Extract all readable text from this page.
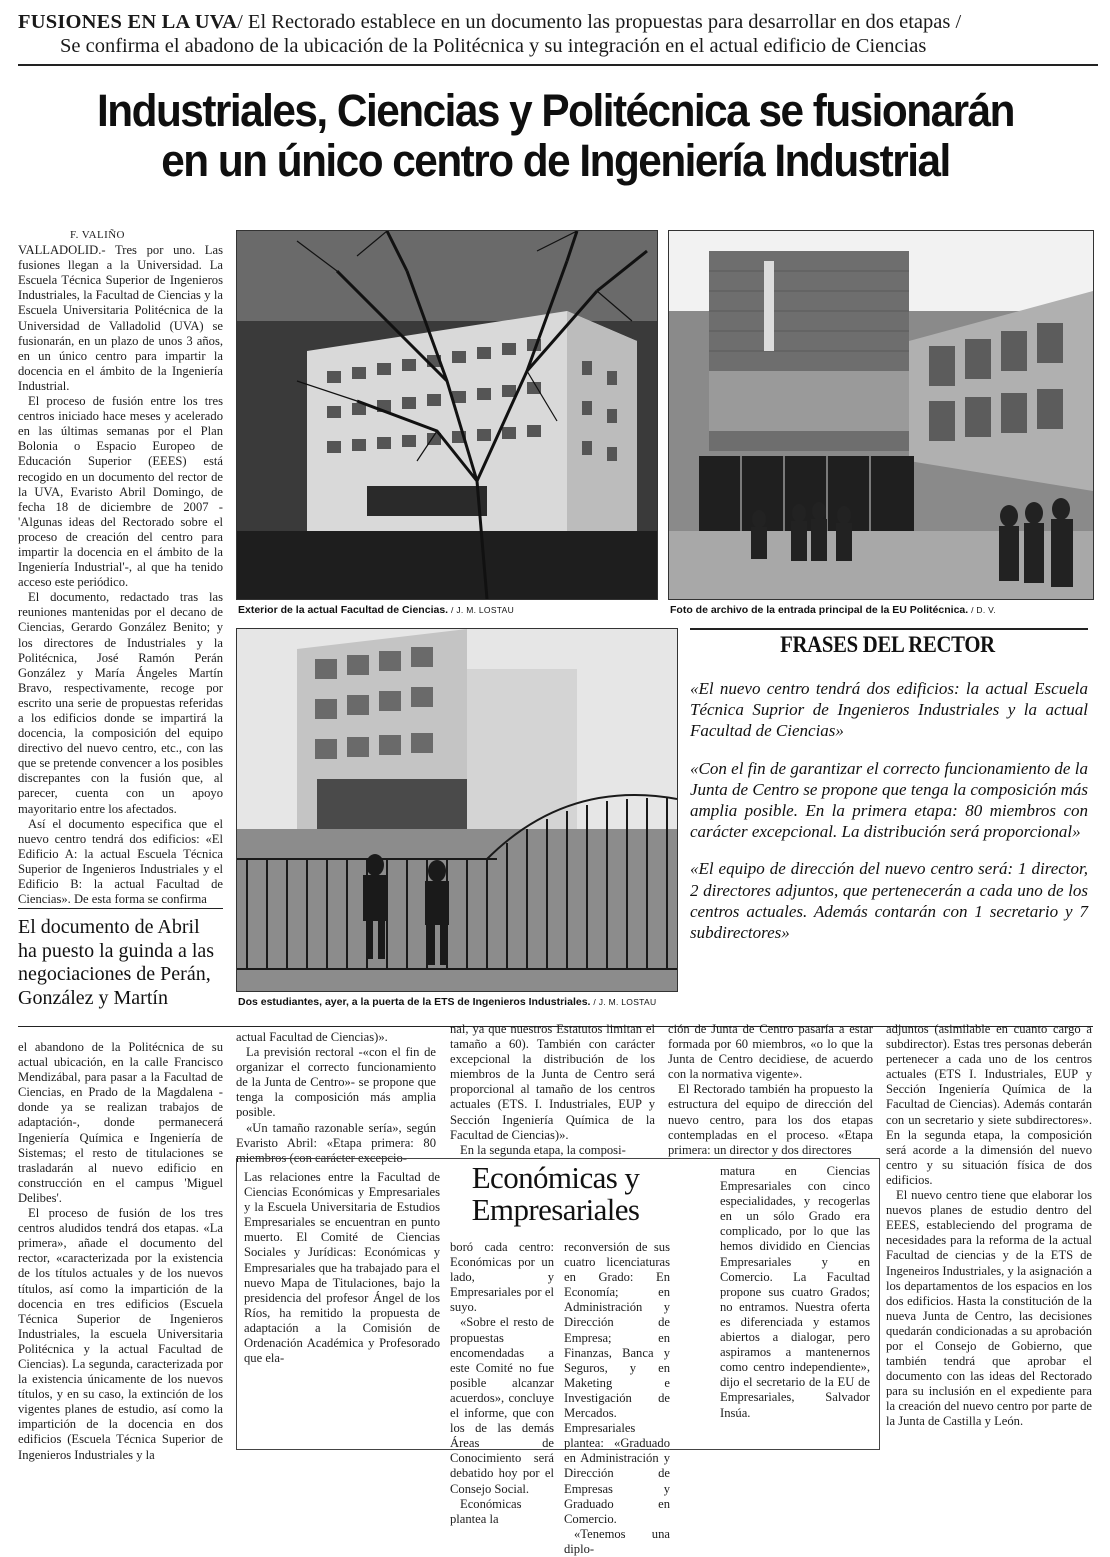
FUSIONES EN LA UVA/ El Rectorado establece en un documento las propuestas para desarrollar en dos etapas /
Se confirma el abadono de la ubicación de la Politécnica y su integración en el actual edificio de Ciencias
Industriales, Ciencias y Politécnica se fusionarán
en un único centro de Ingeniería Industrial

F. VALIÑO

VALLADOLID.- Tres por uno. Las fusiones llegan a la Universidad. La Escuela Técnica Superior de Ingenieros Industriales, la Facultad de Ciencias y la Escuela Universitaria Politécnica de la Universidad de Valladolid (UVA) se fusionarán, en un plazo de unos 3 años, en un único centro para impartir la docencia en el ámbito de la Ingeniería Industrial.

El proceso de fusión entre los tres centros iniciado hace meses y acelerado en las últimas semanas por el Plan Bolonia o Espacio Europeo de Educación Superior (EEES) está recogido en un documento del rector de la UVA, Evaristo Abril Domingo, de fecha 18 de diciembre de 2007 -'Algunas ideas del Rectorado sobre el proceso de creación del centro para impartir la docencia en el ámbito de la Ingeniería Industrial'-, al que ha tenido acceso este periódico.

El documento, redactado tras las reuniones mantenidas por el decano de Ciencias, Gerardo González Benito; y los directores de Industriales y la Politécnica, José Ramón Perán González y María Ángeles Martín Bravo, respectivamente, recoge por escrito una serie de propuestas referidas a los edificios donde se impartirá la docencia, la composición del equipo directivo del nuevo centro, etc., con las que se pretende convencer a los posibles discrepantes con la fusión que, al parecer, cuenta con un apoyo mayoritario entre los afectados.

Así el documento especifica que el nuevo centro tendrá dos edificios: «El Edificio A: la actual Escuela Técnica Superior de Ingenieros Industriales y el Edificio B: la actual Facultad de Ciencias». De esta forma se confirma

Exterior de la actual Facultad de Ciencias. / J. M. LOSTAU	Foto de archivo de la entrada principal de la EU Politécnica. / D. V.
Dos estudiantes, ayer, a la puerta de la ETS de Ingenieros Industriales. / J. M. LOSTAU
FRASES DEL RECTOR

«El nuevo centro tendrá dos edificios: la actual Escuela Técnica Suprior de Ingenieros Industriales y la actual Facultad de Ciencias»

«Con el fin de garantizar el correcto funcionamiento de la Junta de Centro se propone que tenga la composición más amplia posible. En la primera etapa: 80 miembros con carácter excepcional. La distribución será proporcional»

«El equipo de dirección del nuevo centro será: 1 director, 2 directores adjuntos, que pertenecerán a cada uno de los centros actuales. Además contarán con 1 secretario y 7 subdirectores»

El documento de Abril ha puesto la guinda a las negociaciones de Perán, González y Martín

el abandono de la Politécnica de su actual ubicación, en la calle Francisco Mendizábal, para pasar a la Facultad de Ciencias, en Prado de la Magdalena -donde ya se realizan trabajos de adaptación-, donde permanecerá Ingeniería Química e Ingeniería de Sistemas; el resto de titulaciones se trasladarán al nuevo edificio en construcción en el campus 'Miguel Delibes'.

El proceso de fusión de los tres centros aludidos tendrá dos etapas. «La primera», añade el documento del rector, «caracterizada por la existencia de los títulos actuales y de los nuevos títulos, así como la impartición de la docencia en tres edificios (Escuela Técnica Superior de Ingenieros Industriales, la escuela Universitaria Politécnica y la actual Facultad de Ciencias). La segunda, caracterizada por la existencia únicamente de los nuevos títulos, y en su caso, la extinción de los vigentes planes de estudio, así como la impartición de la docencia en dos edificios (Escuela Técnica Superior de Ingenieros Industriales y la

actual Facultad de Ciencias)».

La previsión rectoral -«con el fin de organizar el correcto funcionamiento de la Junta de Centro»- se propone que tenga la composición más amplia posible.

«Un tamaño razonable sería», según Evaristo Abril: «Etapa primera: 80 miembros (con carácter excepcio-

nal, ya que nuestros Estatutos limitan el tamaño a 60). También con carácter excepcional la distribución de los miembros de la Junta de Centro será proporcional al tamaño de los centros actuales (ETS. I. Industriales, EUP y Sección Ingeniería Química de la Facultad de Ciencias)».

En la segunda etapa, la composi-

ción de Junta de Centro pasaría a estar formada por 60 miembros, «o lo que la Junta de Centro decidiese, de acuerdo con la normativa vigente».

El Rectorado también ha propuesto la estructura del equipo de dirección del nuevo centro, para los dos etapas contempladas en el proceso. «Etapa primera: un director y dos directores

adjuntos (asimilable en cuanto cargo a subdirector). Estas tres personas deberán pertenecer a cada uno de los centros actuales (ETS I. Industriales, EUP y Sección Ingeniería Química de la Facultad de Ciencias). Además contarán con un secretario y siete subdirectores». En la segunda etapa, la composición será acorde a la dimensión del nuevo centro y su situación física de dos edificios.

El nuevo centro tiene que elaborar los nuevos planes de estudio dentro del EEES, estableciendo del programa de necesidades para la reforma de la actual Facultad de ciencias y de la ETS de Ingeneiros Industriales, y la asignación a los departamentos de los espacios en los dos edificios. Hasta la constitución de la nueva Junta de Centro, las decisiones quedarán condicionadas a su aprobación por el Consejo de Gobierno, que también tendrá que aprobar el documento con las ideas del Rectorado para su inclusión en el expediente para la creación del nuevo centro por parte de la Junta de Castilla y León.

Económicas y Empresariales

Las relaciones entre la Facultad de Ciencias Económicas y Empresariales y la Escuela Universitaria de Estudios Empresariales se encuentran en punto muerto. El Comité de Ciencias Sociales y Jurídicas: Económicas y Empresariales que ha trabajado para el nuevo Mapa de Titulaciones, bajo la presidencia del profesor Ángel de los Ríos, ha remitido la propuesta de adaptación a la Comisión de Ordenación Académica y Profesorado que ela-

boró cada centro: Económicas por un lado, y Empresariales por el suyo.

«Sobre el resto de propuestas encomendadas a este Comité no fue posible alcanzar acuerdos», concluye el informe, que con los de las demás Áreas de Conocimiento será debatido hoy por el Consejo Social.

Económicas plantea la

reconversión de sus cuatro licenciaturas en Grado: En Economía; en Administración y Dirección de Empresa; en Finanzas, Banca y Seguros, y en Maketing e Investigación de Mercados. Empresariales plantea: «Graduado en Administración y Dirección de Empresas y Graduado en Comercio.

«Tenemos una diplo-

matura en Ciencias Empresariales con cinco especialidades, y recogerlas en un sólo Grado era complicado, por lo que las hemos dividido en Ciencias Empresariales y en Comercio. La Facultad propone sus cuatro Grados; no entramos. Nuestra oferta es diferenciada y estamos abiertos a dialogar, pero aspiramos a mantenernos como centro independiente», dijo el secretario de la EU de Empresariales, Salvador Insúa.
